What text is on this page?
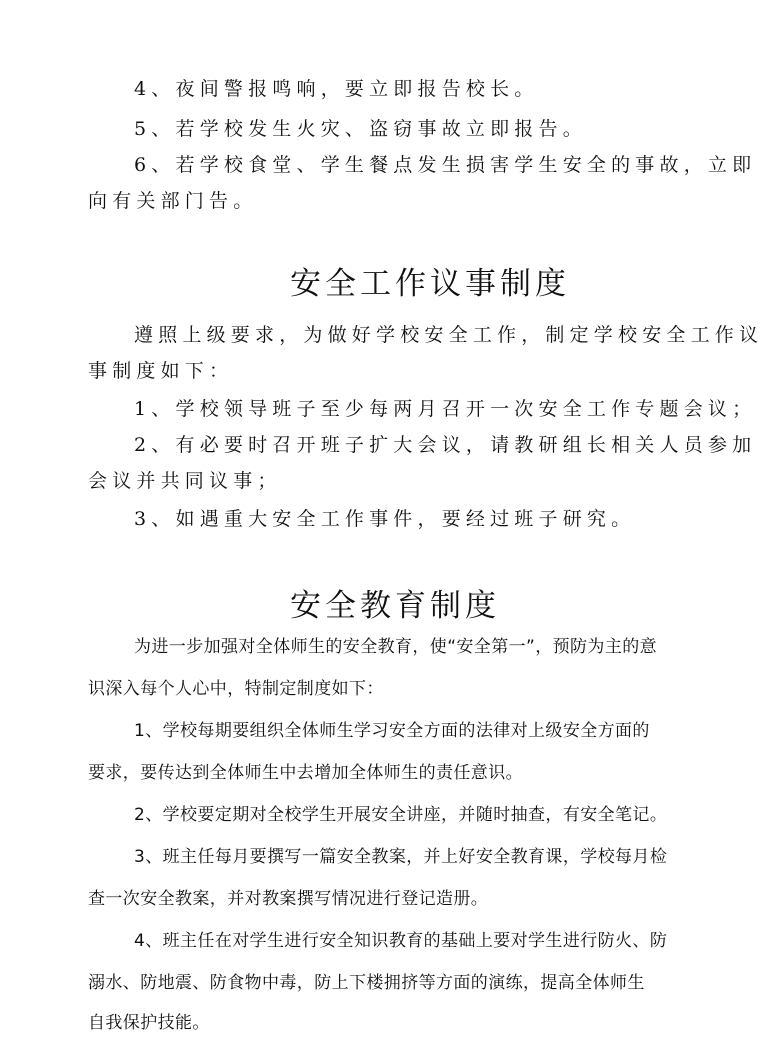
4、夜间警报鸣响，要立即报告校长。

5、若学校发生火灾、盗窃事故立即报告。

6、若学校食堂、学生餐点发生损害学生安全的事故，立即

向有关部门告。

安全工作议事制度

遵照上级要求，为做好学校安全工作，制定学校安全工作议

事制度如下：

1、学校领导班子至少每两月召开一次安全工作专题会议；

2、有必要时召开班子扩大会议，请教研组长相关人员参加

会议并共同议事；

3、如遇重大安全工作事件，要经过班子研究。

安全教育制度

为进一步加强对全体师生的安全教育，使“安全第一”，预防为主的意

识深入每个人心中，特制定制度如下：

1、学校每期要组织全体师生学习安全方面的法律对上级安全方面的

要求，要传达到全体师生中去增加全体师生的责任意识。

2、学校要定期对全校学生开展安全讲座，并随时抽查，有安全笔记。

3、班主任每月要撰写一篇安全教案，并上好安全教育课，学校每月检

查一次安全教案，并对教案撰写情况进行登记造册。

4、班主任在对学生进行安全知识教育的基础上要对学生进行防火、防

溺水、防地震、防食物中毒，防上下楼拥挤等方面的演练，提高全体师生

自我保护技能。
